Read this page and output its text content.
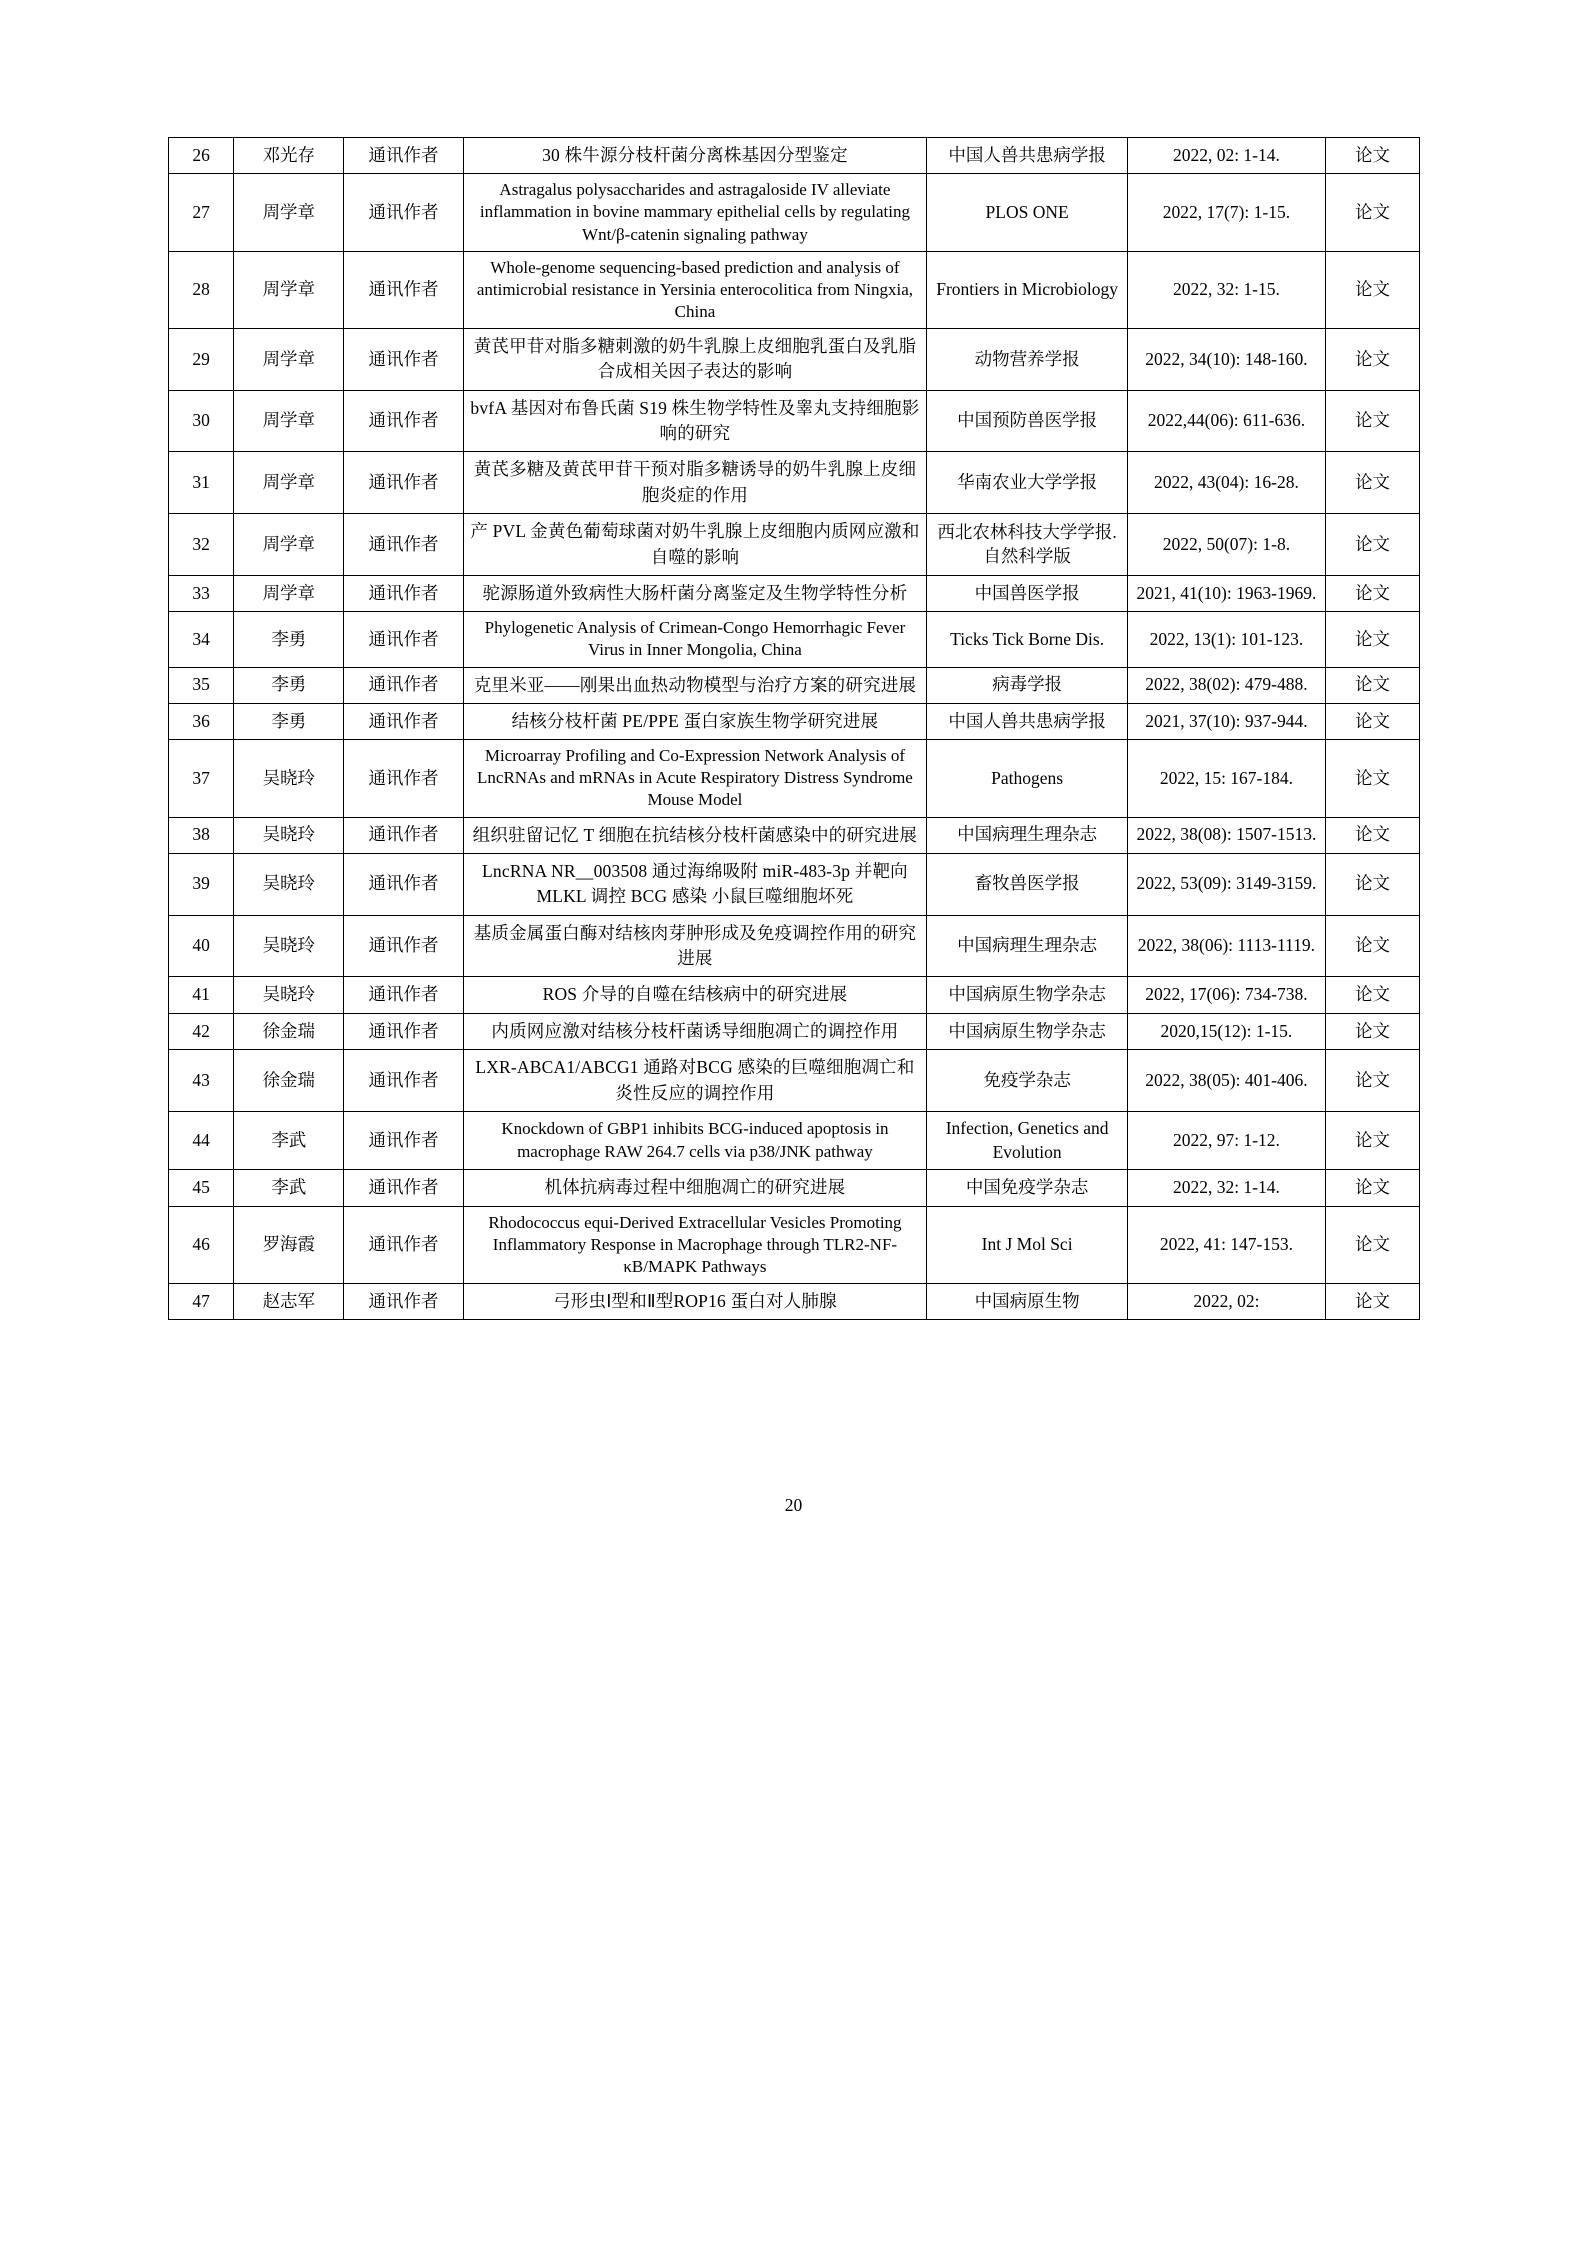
26	邓光存	通讯作者	30 株牛源分枝杆菌分离株基因分型鉴定	中国人兽共患病学报	2022, 02: 1-14.	论文
27	周学章	通讯作者	Astragalus polysaccharides and astragaloside IV alleviate inflammation in bovine mammary epithelial cells by regulating Wnt/β-catenin signaling pathway	PLOS ONE	2022, 17(7): 1-15.	论文
28	周学章	通讯作者	Whole-genome sequencing-based prediction and analysis of antimicrobial resistance in Yersinia enterocolitica from Ningxia, China	Frontiers in Microbiology	2022, 32: 1-15.	论文
29	周学章	通讯作者	黄芪甲苷对脂多糖刺激的奶牛乳腺上皮细胞乳蛋白及乳脂合成相关因子表达的影响	动物营养学报	2022, 34(10): 148-160.	论文
30	周学章	通讯作者	bvfA 基因对布鲁氏菌 S19 株生物学特性及睾丸支持细胞影响的研究	中国预防兽医学报	2022,44(06): 611-636.	论文
31	周学章	通讯作者	黄芪多糖及黄芪甲苷干预对脂多糖诱导的奶牛乳腺上皮细胞炎症的作用	华南农业大学学报	2022, 43(04): 16-28.	论文
32	周学章	通讯作者	产 PVL 金黄色葡萄球菌对奶牛乳腺上皮细胞内质网应激和自噬的影响	西北农林科技大学学报. 自然科学版	2022, 50(07): 1-8.	论文
33	周学章	通讯作者	驼源肠道外致病性大肠杆菌分离鉴定及生物学特性分析	中国兽医学报	2021, 41(10): 1963-1969.	论文
34	李勇	通讯作者	Phylogenetic Analysis of Crimean-Congo Hemorrhagic Fever Virus in Inner Mongolia, China	Ticks Tick Borne Dis.	2022, 13(1): 101-123.	论文
35	李勇	通讯作者	克里米亚——刚果出血热动物模型与治疗方案的研究进展	病毒学报	2022, 38(02): 479-488.	论文
36	李勇	通讯作者	结核分枝杆菌 PE/PPE 蛋白家族生物学研究进展	中国人兽共患病学报	2021, 37(10): 937-944.	论文
37	吴晓玲	通讯作者	Microarray Profiling and Co-Expression Network Analysis of LncRNAs and mRNAs in Acute Respiratory Distress Syndrome Mouse Model	Pathogens	2022, 15: 167-184.	论文
38	吴晓玲	通讯作者	组织驻留记忆 T 细胞在抗结核分枝杆菌感染中的研究进展	中国病理生理杂志	2022, 38(08): 1507-1513.	论文
39	吴晓玲	通讯作者	LncRNA NR__003508 通过海绵吸附 miR-483-3p 并靶向 MLKL 调控 BCG 感染 小鼠巨噬细胞坏死	畜牧兽医学报	2022, 53(09): 3149-3159.	论文
40	吴晓玲	通讯作者	基质金属蛋白酶对结核肉芽肿形成及免疫调控作用的研究进展	中国病理生理杂志	2022, 38(06): 1113-1119.	论文
41	吴晓玲	通讯作者	ROS 介导的自噬在结核病中的研究进展	中国病原生物学杂志	2022, 17(06): 734-738.	论文
42	徐金瑞	通讯作者	内质网应激对结核分枝杆菌诱导细胞凋亡的调控作用	中国病原生物学杂志	2020,15(12): 1-15.	论文
43	徐金瑞	通讯作者	LXR-ABCA1/ABCG1 通路对BCG 感染的巨噬细胞凋亡和炎性反应的调控作用	免疫学杂志	2022, 38(05): 401-406.	论文
44	李武	通讯作者	Knockdown of GBP1 inhibits BCG-induced apoptosis in macrophage RAW 264.7 cells via p38/JNK pathway	Infection, Genetics and Evolution	2022, 97: 1-12.	论文
45	李武	通讯作者	机体抗病毒过程中细胞凋亡的研究进展	中国免疫学杂志	2022, 32: 1-14.	论文
46	罗海霞	通讯作者	Rhodococcus equi-Derived Extracellular Vesicles Promoting Inflammatory Response in Macrophage through TLR2-NF-κB/MAPK Pathways	Int J Mol Sci	2022, 41: 147-153.	论文
47	赵志军	通讯作者	弓形虫Ⅰ型和Ⅱ型ROP16 蛋白对人肺腺	中国病原生物	2022, 02:	论文
20
